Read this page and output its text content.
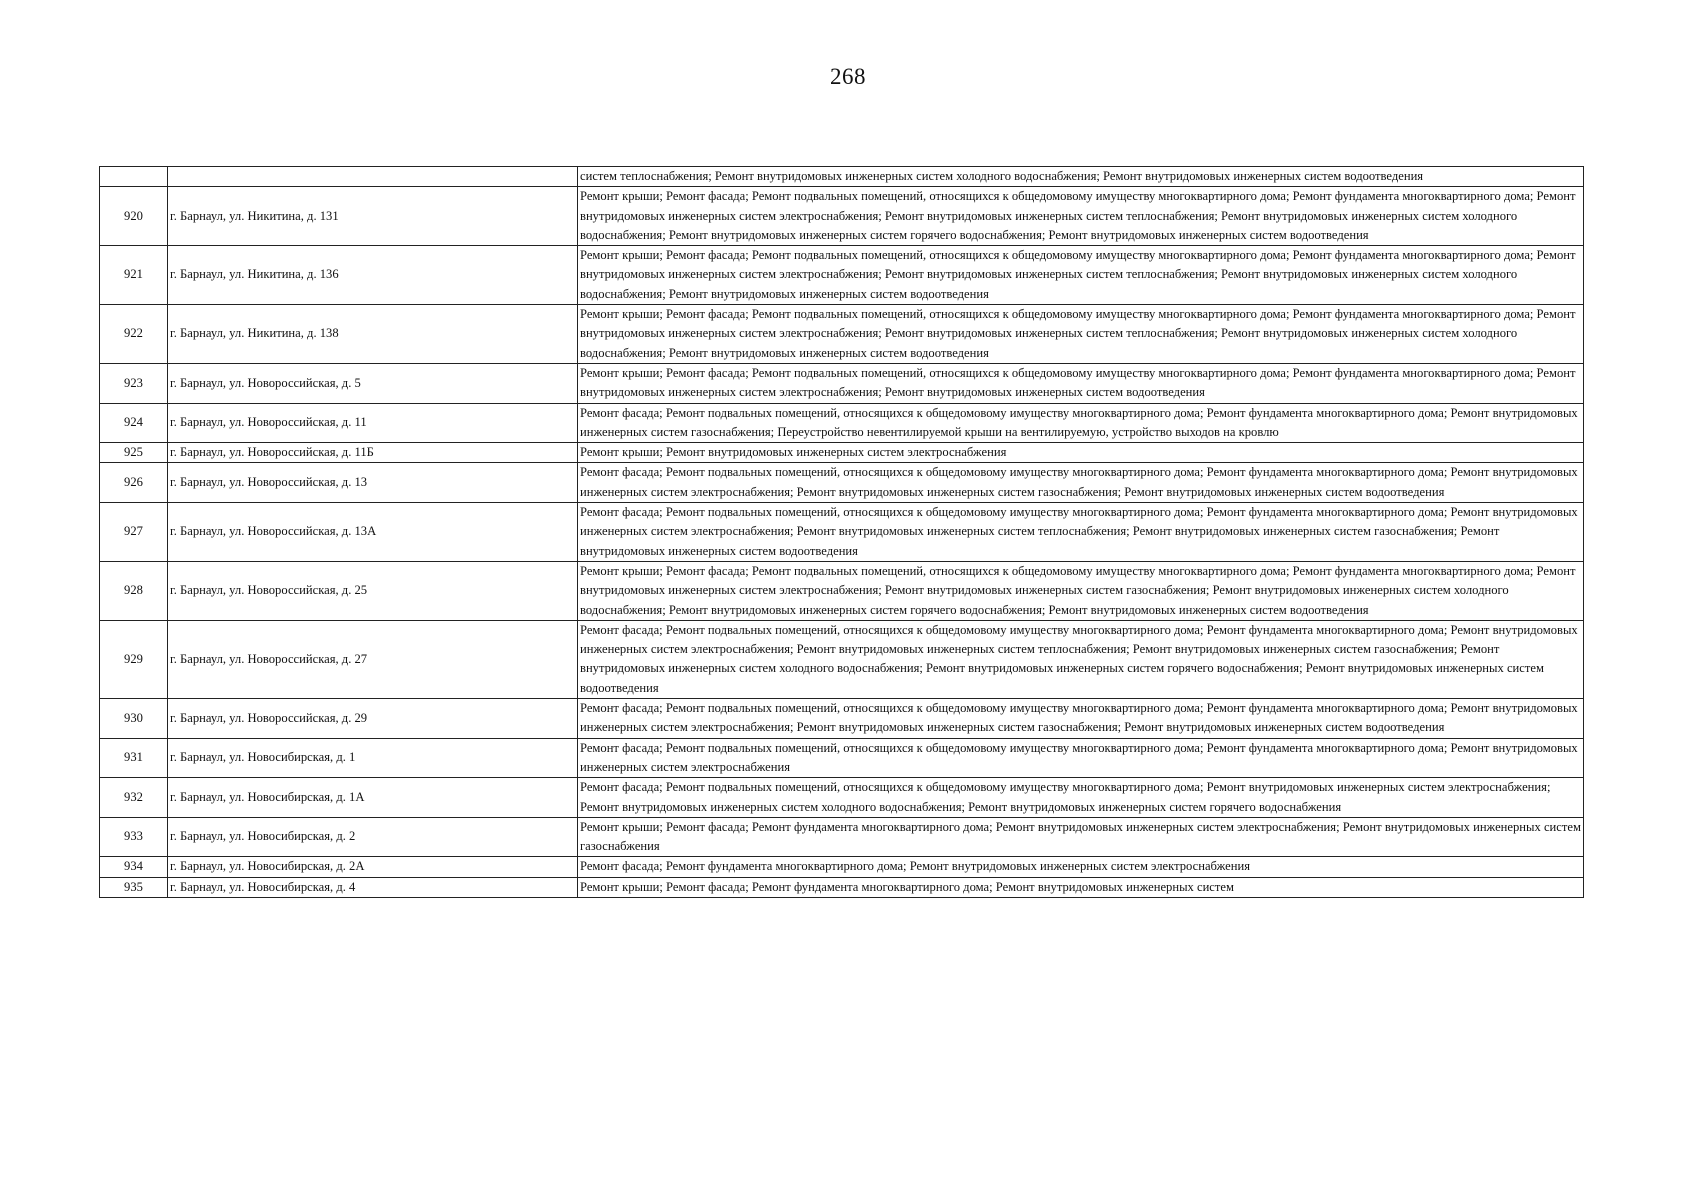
268
		систем теплоснабжения; Ремонт внутридомовых инженерных систем холодного водоснабжения; Ремонт внутридомовых инженерных систем водоотведения
920	г. Барнаул, ул. Никитина, д. 131	Ремонт крыши; Ремонт фасада; Ремонт подвальных помещений, относящихся к общедомовому имуществу многоквартирного дома; Ремонт фундамента многоквартирного дома; Ремонт внутридомовых инженерных систем электроснабжения; Ремонт внутридомовых инженерных систем теплоснабжения; Ремонт внутридомовых инженерных систем холодного водоснабжения; Ремонт внутридомовых инженерных систем горячего водоснабжения; Ремонт внутридомовых инженерных систем водоотведения
921	г. Барнаул, ул. Никитина, д. 136	Ремонт крыши; Ремонт фасада; Ремонт подвальных помещений, относящихся к общедомовому имуществу многоквартирного дома; Ремонт фундамента многоквартирного дома; Ремонт внутридомовых инженерных систем электроснабжения; Ремонт внутридомовых инженерных систем теплоснабжения; Ремонт внутридомовых инженерных систем холодного водоснабжения; Ремонт внутридомовых инженерных систем водоотведения
922	г. Барнаул, ул. Никитина, д. 138	Ремонт крыши; Ремонт фасада; Ремонт подвальных помещений, относящихся к общедомовому имуществу многоквартирного дома; Ремонт фундамента многоквартирного дома; Ремонт внутридомовых инженерных систем электроснабжения; Ремонт внутридомовых инженерных систем теплоснабжения; Ремонт внутридомовых инженерных систем холодного водоснабжения; Ремонт внутридомовых инженерных систем водоотведения
923	г. Барнаул, ул. Новороссийская, д. 5	Ремонт крыши; Ремонт фасада; Ремонт подвальных помещений, относящихся к общедомовому имуществу многоквартирного дома; Ремонт фундамента многоквартирного дома; Ремонт внутридомовых инженерных систем электроснабжения; Ремонт внутридомовых инженерных систем водоотведения
924	г. Барнаул, ул. Новороссийская, д. 11	Ремонт фасада; Ремонт подвальных помещений, относящихся к общедомовому имуществу многоквартирного дома; Ремонт фундамента многоквартирного дома; Ремонт внутридомовых инженерных систем газоснабжения; Переустройство невентилируемой крыши на вентилируемую, устройство выходов на кровлю
925	г. Барнаул, ул. Новороссийская, д. 11Б	Ремонт крыши; Ремонт внутридомовых инженерных систем электроснабжения
926	г. Барнаул, ул. Новороссийская, д. 13	Ремонт фасада; Ремонт подвальных помещений, относящихся к общедомовому имуществу многоквартирного дома; Ремонт фундамента многоквартирного дома; Ремонт внутридомовых инженерных систем электроснабжения; Ремонт внутридомовых инженерных систем газоснабжения; Ремонт внутридомовых инженерных систем водоотведения
927	г. Барнаул, ул. Новороссийская, д. 13А	Ремонт фасада; Ремонт подвальных помещений, относящихся к общедомовому имуществу многоквартирного дома; Ремонт фундамента многоквартирного дома; Ремонт внутридомовых инженерных систем электроснабжения; Ремонт внутридомовых инженерных систем теплоснабжения; Ремонт внутридомовых инженерных систем газоснабжения; Ремонт внутридомовых инженерных систем водоотведения
928	г. Барнаул, ул. Новороссийская, д. 25	Ремонт крыши; Ремонт фасада; Ремонт подвальных помещений, относящихся к общедомовому имуществу многоквартирного дома; Ремонт фундамента многоквартирного дома; Ремонт внутридомовых инженерных систем электроснабжения; Ремонт внутридомовых инженерных систем газоснабжения; Ремонт внутридомовых инженерных систем холодного водоснабжения; Ремонт внутридомовых инженерных систем горячего водоснабжения; Ремонт внутридомовых инженерных систем водоотведения
929	г. Барнаул, ул. Новороссийская, д. 27	Ремонт фасада; Ремонт подвальных помещений, относящихся к общедомовому имуществу многоквартирного дома; Ремонт фундамента многоквартирного дома; Ремонт внутридомовых инженерных систем электроснабжения; Ремонт внутридомовых инженерных систем теплоснабжения; Ремонт внутридомовых инженерных систем газоснабжения; Ремонт внутридомовых инженерных систем холодного водоснабжения; Ремонт внутридомовых инженерных систем горячего водоснабжения; Ремонт внутридомовых инженерных систем водоотведения
930	г. Барнаул, ул. Новороссийская, д. 29	Ремонт фасада; Ремонт подвальных помещений, относящихся к общедомовому имуществу многоквартирного дома; Ремонт фундамента многоквартирного дома; Ремонт внутридомовых инженерных систем электроснабжения; Ремонт внутридомовых инженерных систем газоснабжения; Ремонт внутридомовых инженерных систем водоотведения
931	г. Барнаул, ул. Новосибирская, д. 1	Ремонт фасада; Ремонт подвальных помещений, относящихся к общедомовому имуществу многоквартирного дома; Ремонт фундамента многоквартирного дома; Ремонт внутридомовых инженерных систем электроснабжения
932	г. Барнаул, ул. Новосибирская, д. 1А	Ремонт фасада; Ремонт подвальных помещений, относящихся к общедомовому имуществу многоквартирного дома; Ремонт внутридомовых инженерных систем электроснабжения; Ремонт внутридомовых инженерных систем холодного водоснабжения; Ремонт внутридомовых инженерных систем горячего водоснабжения
933	г. Барнаул, ул. Новосибирская, д. 2	Ремонт крыши; Ремонт фасада; Ремонт фундамента многоквартирного дома; Ремонт внутридомовых инженерных систем электроснабжения; Ремонт внутридомовых инженерных систем газоснабжения
934	г. Барнаул, ул. Новосибирская, д. 2А	Ремонт фасада; Ремонт фундамента многоквартирного дома; Ремонт внутридомовых инженерных систем электроснабжения
935	г. Барнаул, ул. Новосибирская, д. 4	Ремонт крыши; Ремонт фасада; Ремонт фундамента многоквартирного дома; Ремонт внутридомовых инженерных систем
